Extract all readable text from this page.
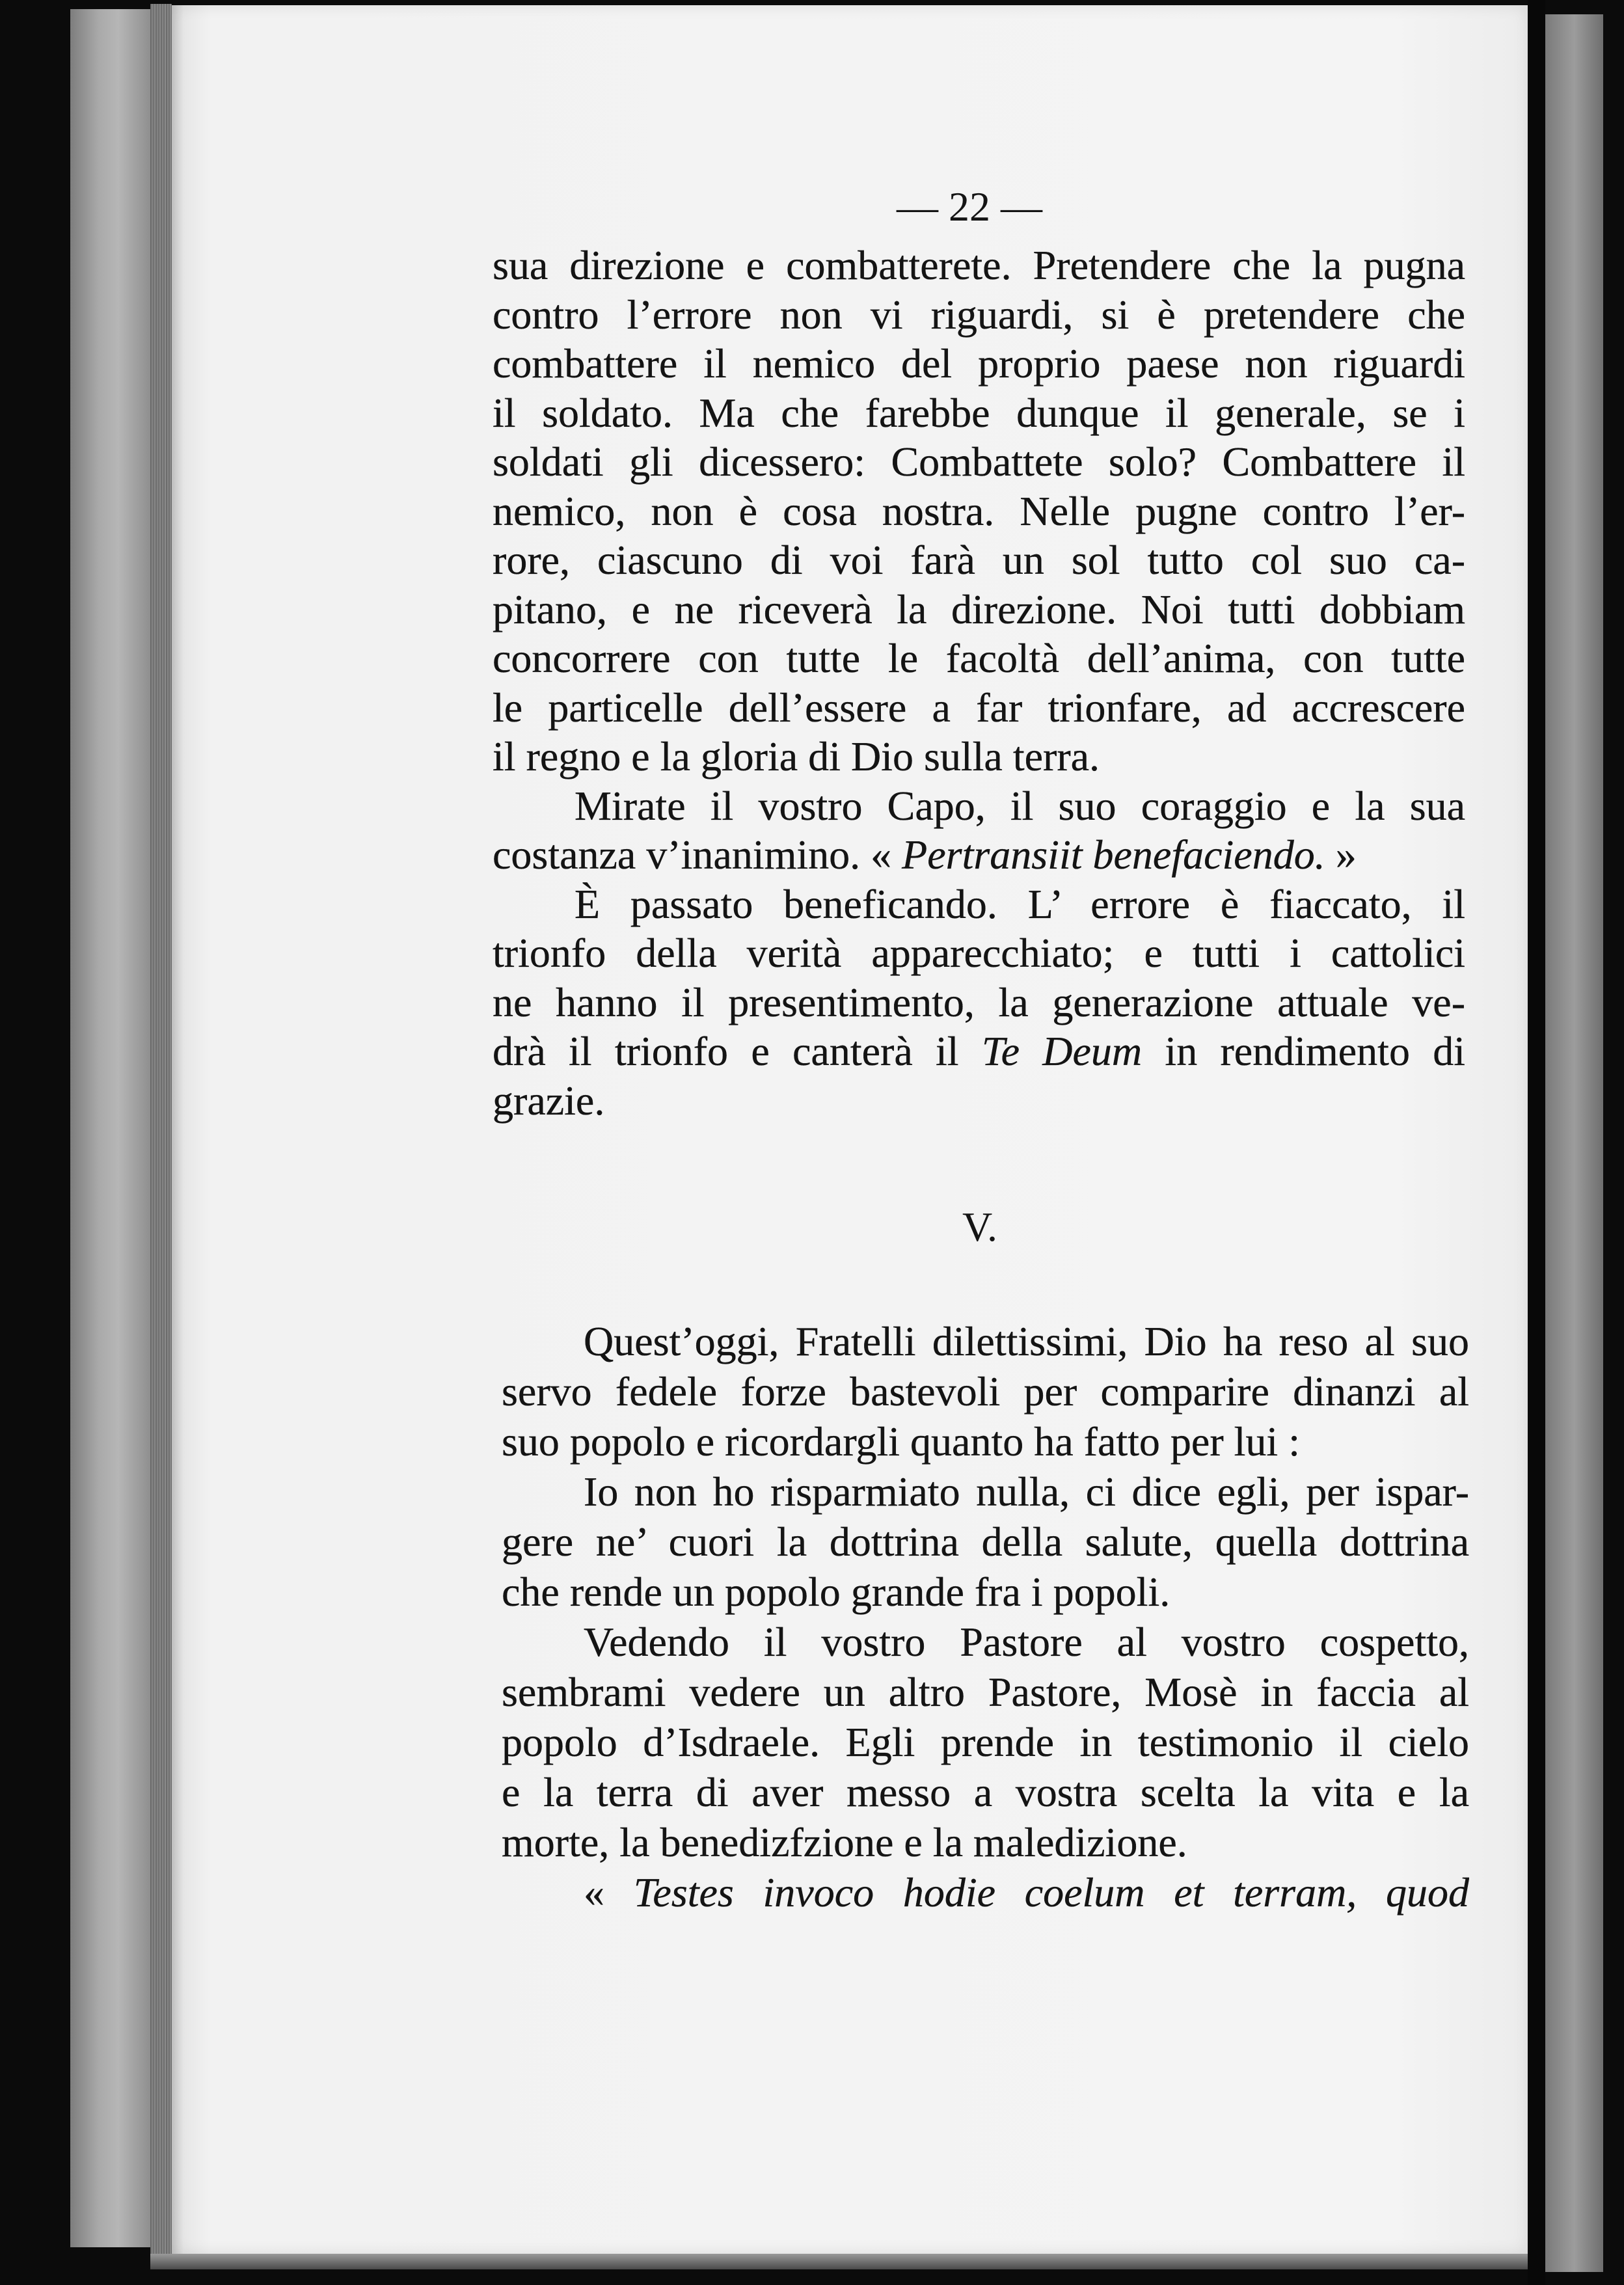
— 22 —
sua direzione e combatterete. Pretendere che la pugna
contro l’errore non vi riguardi, si è pretendere che
combattere il nemico del proprio paese non riguardi
il soldato. Ma che farebbe dunque il generale, se i
soldati gli dicessero: Combattete solo? Combattere il
nemico, non è cosa nostra. Nelle pugne contro l’er-
rore, ciascuno di voi farà un sol tutto col suo ca-
pitano, e ne riceverà la direzione. Noi tutti dobbiam
concorrere con tutte le facoltà dell’anima, con tutte
le particelle dell’essere a far trionfare, ad accrescere
il regno e la gloria di Dio sulla terra.
Mirate il vostro Capo, il suo coraggio e la sua
costanza v’inanimino. « Pertransiit benefaciendo. »
È passato beneficando. L’ errore è fiaccato, il
trionfo della verità apparecchiato; e tutti i cattolici
ne hanno il presentimento, la generazione attuale ve-
drà il trionfo e canterà il Te Deum in rendimento di
grazie.
V.
Quest’oggi, Fratelli dilettissimi, Dio ha reso al suo
servo fedele forze bastevoli per comparire dinanzi al
suo popolo e ricordargli quanto ha fatto per lui :
Io non ho risparmiato nulla, ci dice egli, per ispar-
gere ne’ cuori la dottrina della salute, quella dottrina
che rende un popolo grande fra i popoli.
Vedendo il vostro Pastore al vostro cospetto,
sembrami vedere un altro Pastore, Mosè in faccia al
popolo d’Isdraele. Egli prende in testimonio il cielo
e la terra di aver messo a vostra scelta la vita e la
morte, la benedizfzione e la maledizione.
« Testes invoco hodie coelum et terram, quod
